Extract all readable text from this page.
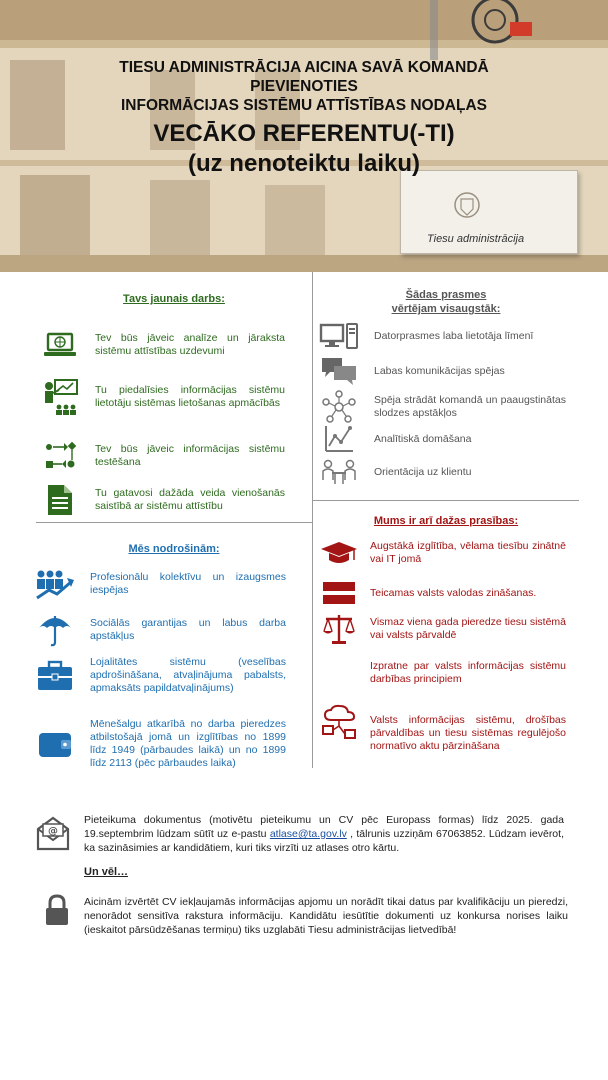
Tiesu administrācija
TIESU ADMINISTRĀCIJA AICINA SAVĀ KOMANDĀ
PIEVIENOTIES
INFORMĀCIJAS SISTĒMU ATTĪSTĪBAS NODAĻAS
VECĀKO REFERENTU(-TI)
(uz nenoteiktu laiku)
Tavs jaunais darbs:
Tev būs jāveic analīze un jāraksta sistēmu attīstības uzdevumi
Tu piedalīsies informācijas sistēmu lietotāju sistēmas lietošanas apmācībās
Tev būs jāveic informācijas sistēmu testēšana
Tu gatavosi dažāda veida vienošanās saistībā ar sistēmu attīstību
Mēs nodrošinām:
Profesionālu kolektīvu un izaugsmes iespējas
Sociālās garantijas un labus darba apstākļus
Lojalitātes sistēmu (veselības apdrošināšana, atvaļinājuma pabalsts, apmaksāts papildatvaļinājums)
Mēnešalgu atkarībā no darba pieredzes atbilstošajā jomā un izglītības no 1899 līdz 1949 (pārbaudes laikā) un no 1899 līdz 2113 (pēc pārbaudes laika)
Šādas prasmes
vērtējam visaugstāk:
Datorprasmes laba lietotāja līmenī
Labas komunikācijas spējas
Spēja strādāt komandā un paaugstinātas slodzes apstākļos
Analītiskā domāšana
Orientācija uz klientu
Mums ir arī dažas prasības:
Augstākā izglītība, vēlama tiesību zinātnē vai IT jomā
Teicamas valsts valodas zināšanas.
Vismaz viena gada pieredze tiesu sistēmā vai valsts pārvaldē
Izpratne par valsts informācijas sistēmu darbības principiem
Valsts informācijas sistēmu, drošības pārvaldības un tiesu sistēmas regulējošo normatīvo aktu pārzināšana
@
Pieteikuma dokumentus (motivētu pieteikumu un CV pēc Europass formas) līdz 2025. gada 19.septembrim lūdzam sūtīt uz e-pastu atlase@ta.gov.lv , tālrunis uzziņām 67063852. Lūdzam ievērot, ka sazināsimies ar kandidātiem, kuri tiks virzīti uz atlases otro kārtu.
Un vēl…
Aicinām izvērtēt CV iekļaujamās informācijas apjomu un norādīt tikai datus par kvalifikāciju un pieredzi, nenorādot sensitīva rakstura informāciju. Kandidātu iesūtītie dokumenti uz konkursa norises laiku (ieskaitot pārsūdzēšanas termiņu) tiks uzglabāti Tiesu administrācijas lietvedībā!
